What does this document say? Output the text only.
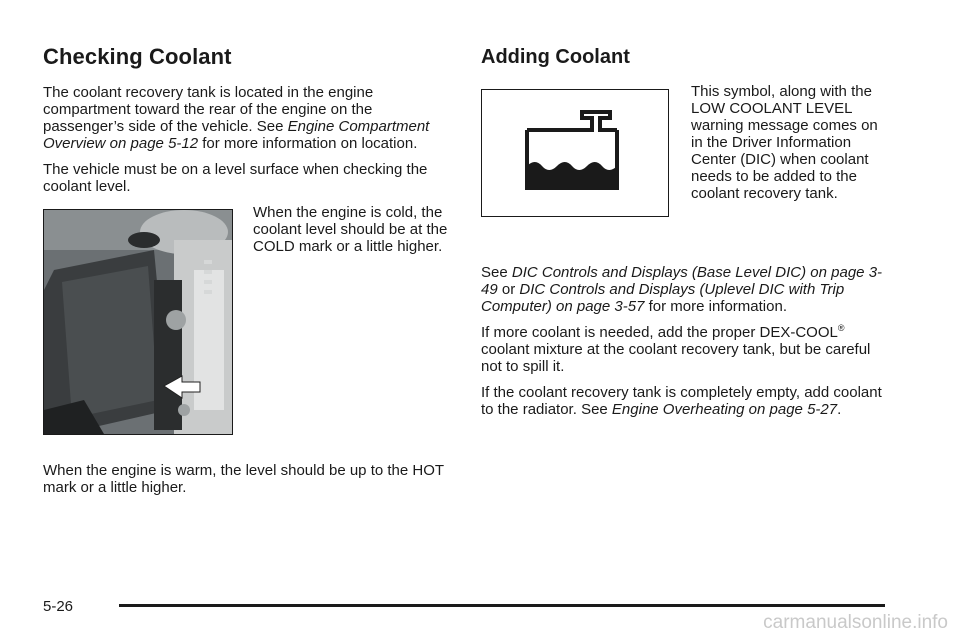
Checking Coolant

The coolant recovery tank is located in the engine compartment toward the rear of the engine on the passenger’s side of the vehicle. See Engine Compartment Overview on page 5-12 for more information on location.

The vehicle must be on a level surface when checking the coolant level.

When the engine is cold, the coolant level should be at the COLD mark or a little higher.

When the engine is warm, the level should be up to the HOT mark or a little higher.

Adding Coolant

This symbol, along with the LOW COOLANT LEVEL warning message comes on in the Driver Information Center (DIC) when coolant needs to be added to the coolant recovery tank.

See DIC Controls and Displays (Base Level DIC) on page 3-49 or DIC Controls and Displays (Uplevel DIC with Trip Computer) on page 3-57 for more information.

If more coolant is needed, add the proper DEX-COOL® coolant mixture at the coolant recovery tank, but be careful not to spill it.

If the coolant recovery tank is completely empty, add coolant to the radiator. See Engine Overheating on page 5-27.

5-26
carmanualsonline.info
